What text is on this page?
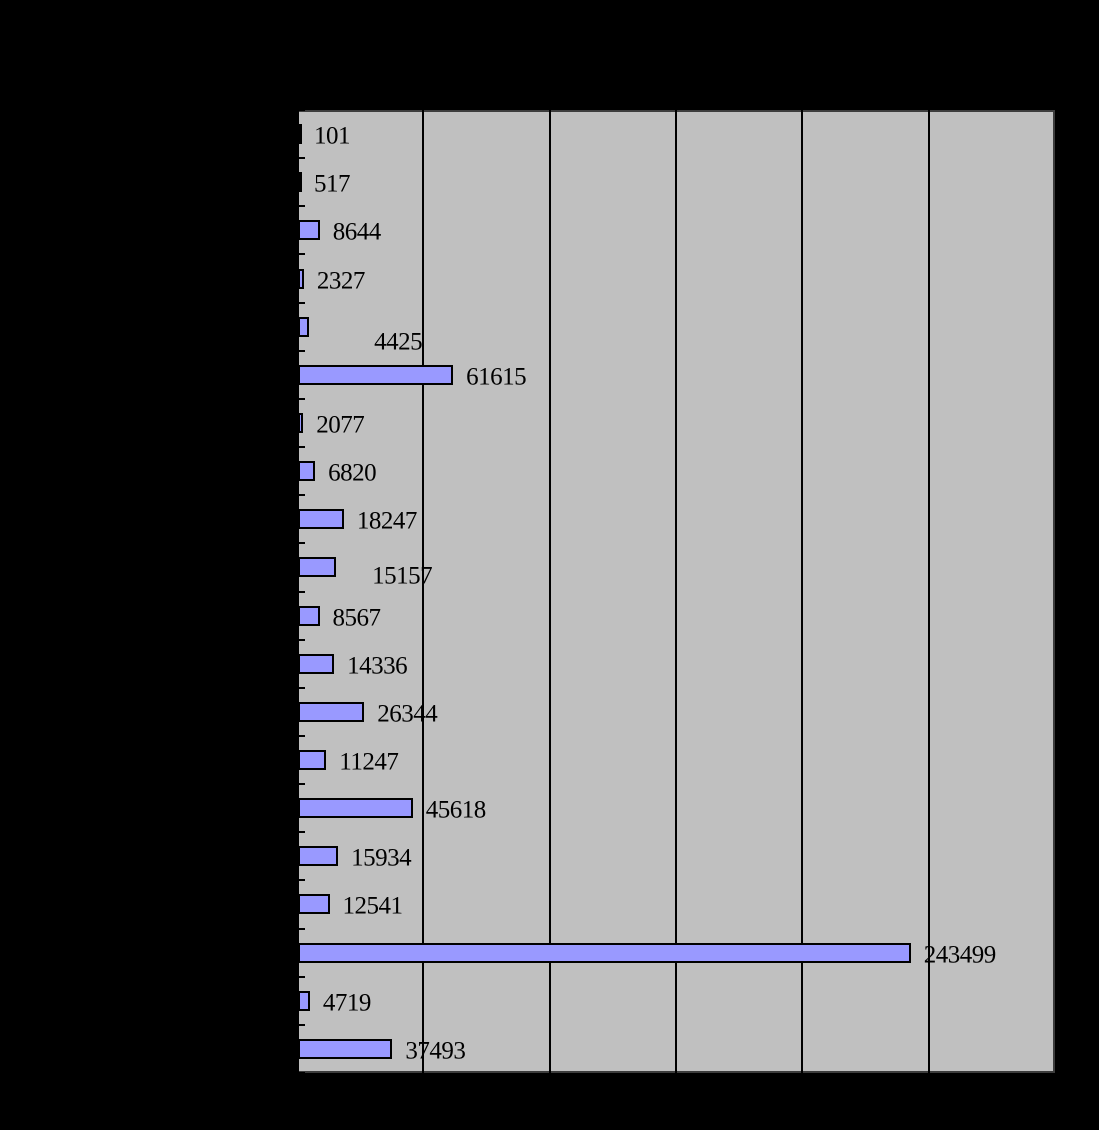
101
517
8644
2327
4425
61615
2077
6820
18247
15157
8567
14336
26344
11247
45618
15934
12541
243499
4719
37493
